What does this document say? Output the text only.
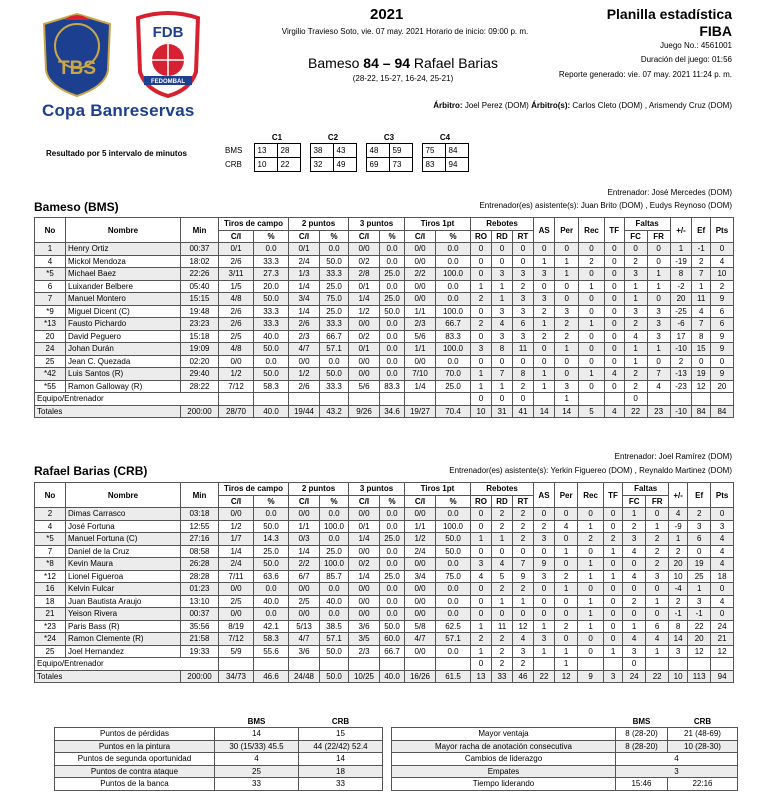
TBS
FDB
FEDOMBAL
Copa Banreservas
2021
Virgilio Travieso Soto, vie. 07 may. 2021 Horario de inicio: 09:00 p. m.
Bameso 84 – 94 Rafael Barias
(28-22, 15-27, 16-24, 25-21)
Planilla estadística
FIBA
Juego No.: 4561001
Duración del juego: 01:56
Reporte generado: vie. 07 may. 2021 11:24 p. m.
Árbitro: Joel Perez (DOM) Árbitro(s): Carlos Cleto (DOM) , Arismendy Cruz (DOM)
Resultado por 5 intervalo de minutos
	C1			C2			C3			C4	
BMS	13	28		38	43		48	59		75	84
CRB	10	22		32	49		69	73		83	94
Entrenador: José Mercedes (DOM)
Entrenador(es) asistente(s): Juan Brito (DOM) , Eudys Reynoso (DOM)
Bameso (BMS)
No	Nombre	Min	Tiros de campo		2 puntos		3 puntos		Tiros 1pt		Rebotes			AS	Per	Rec	TF	Faltas		+/-	Ef	Pts
			C/I	%	C/I	%	C/I	%	C/I	%	RO	RD	RT					FC	FR			
1	Henry Ortiz	00:37	0/1	0.0	0/1	0.0	0/0	0.0	0/0	0.0	0	0	0	0	0	0	0	0	0	1	-1	0
4	Mickol Mendoza	18:02	2/6	33.3	2/4	50.0	0/2	0.0	0/0	0.0	0	0	0	1	1	2	0	2	0	-19	2	4
*5	Michael Baez	22:26	3/11	27.3	1/3	33.3	2/8	25.0	2/2	100.0	0	3	3	3	1	0	0	3	1	8	7	10
6	Luixander Belbere	05:40	1/5	20.0	1/4	25.0	0/1	0.0	0/0	0.0	1	1	2	0	0	1	0	1	1	-2	1	2
7	Manuel Montero	15:15	4/8	50.0	3/4	75.0	1/4	25.0	0/0	0.0	2	1	3	3	0	0	0	1	0	20	11	9
*9	Miguel Dicent (C)	19:48	2/6	33.3	1/4	25.0	1/2	50.0	1/1	100.0	0	3	3	2	3	0	0	3	3	-25	4	6
*13	Fausto Pichardo	23:23	2/6	33.3	2/6	33.3	0/0	0.0	2/3	66.7	2	4	6	1	2	1	0	2	3	-6	7	6
20	David Peguero	15:18	2/5	40.0	2/3	66.7	0/2	0.0	5/6	83.3	0	3	3	2	2	0	0	4	3	17	8	9
24	Johan Durán	19:09	4/8	50.0	4/7	57.1	0/1	0.0	1/1	100.0	3	8	11	0	1	0	0	1	1	-10	15	9
25	Jean C. Quezada	02:20	0/0	0.0	0/0	0.0	0/0	0.0	0/0	0.0	0	0	0	0	0	0	0	1	0	2	0	0
*42	Luis Santos (R)	29:40	1/2	50.0	1/2	50.0	0/0	0.0	7/10	70.0	1	7	8	1	0	1	4	2	7	-13	19	9
*55	Ramon Galloway (R)	28:22	7/12	58.3	2/6	33.3	5/6	83.3	1/4	25.0	1	1	2	1	3	0	0	2	4	-23	12	20
Equipo/Entrenador											0	0	0		1			0				
Totales		200:00	28/70	40.0	19/44	43.2	9/26	34.6	19/27	70.4	10	31	41	14	14	5	4	22	23	-10	84	84
Entrenador: Joel Ramírez (DOM)
Entrenador(es) asistente(s): Yerkin Figuereo (DOM) , Reynaldo Martinez (DOM)
Rafael Barias (CRB)
No	Nombre	Min	Tiros de campo		2 puntos		3 puntos		Tiros 1pt		Rebotes			AS	Per	Rec	TF	Faltas		+/-	Ef	Pts
			C/I	%	C/I	%	C/I	%	C/I	%	RO	RD	RT					FC	FR			
2	Dimas Carrasco	03:18	0/0	0.0	0/0	0.0	0/0	0.0	0/0	0.0	0	2	2	0	0	0	0	1	0	4	2	0
4	José Fortuna	12:55	1/2	50.0	1/1	100.0	0/1	0.0	1/1	100.0	0	2	2	2	4	1	0	2	1	-9	3	3
*5	Manuel Fortuna (C)	27:16	1/7	14.3	0/3	0.0	1/4	25.0	1/2	50.0	1	1	2	3	0	2	2	3	2	1	6	4
7	Daniel de la Cruz	08:58	1/4	25.0	1/4	25.0	0/0	0.0	2/4	50.0	0	0	0	0	1	0	1	4	2	2	0	4
*8	Kevin Maura	26:28	2/4	50.0	2/2	100.0	0/2	0.0	0/0	0.0	3	4	7	9	0	1	0	0	2	20	19	4
*12	Lionel Figueroa	28:28	7/11	63.6	6/7	85.7	1/4	25.0	3/4	75.0	4	5	9	3	2	1	1	4	3	10	25	18
16	Kelvin Fulcar	01:23	0/0	0.0	0/0	0.0	0/0	0.0	0/0	0.0	0	2	2	0	1	0	0	0	0	-4	1	0
18	Juan Bautista Araujo	13:10	2/5	40.0	2/5	40.0	0/0	0.0	0/0	0.0	0	1	1	0	0	1	0	2	1	2	3	4
21	Yeison Rivera	00:37	0/0	0.0	0/0	0.0	0/0	0.0	0/0	0.0	0	0	0	0	0	1	0	0	0	-1	-1	0
*23	Paris Bass (R)	35:56	8/19	42.1	5/13	38.5	3/6	50.0	5/8	62.5	1	11	12	1	2	1	0	1	6	8	22	24
*24	Ramon Clemente (R)	21:58	7/12	58.3	4/7	57.1	3/5	60.0	4/7	57.1	2	2	4	3	0	0	0	4	4	14	20	21
25	Joel Hernandez	19:33	5/9	55.6	3/6	50.0	2/3	66.7	0/0	0.0	1	2	3	1	1	0	1	3	1	3	12	12
Equipo/Entrenador											0	2	2		1			0				
Totales		200:00	34/73	46.6	24/48	50.0	10/25	40.0	16/26	61.5	13	33	46	22	12	9	3	24	22	10	113	94
	BMS	CRB
Puntos de pérdidas	14	15
Puntos en la pintura	30 (15/33) 45.5	44 (22/42) 52.4
Puntos de segunda oportunidad	4	14
Puntos de contra ataque	25	18
Puntos de la banca	33	33
	BMS	CRB
Mayor ventaja	8 (28-20)	21 (48-69)
Mayor racha de anotación consecutiva	8 (28-20)	10 (28-30)
Cambios de liderazgo	4	
Empates	3	
Tiempo liderando	15:46	22:16
